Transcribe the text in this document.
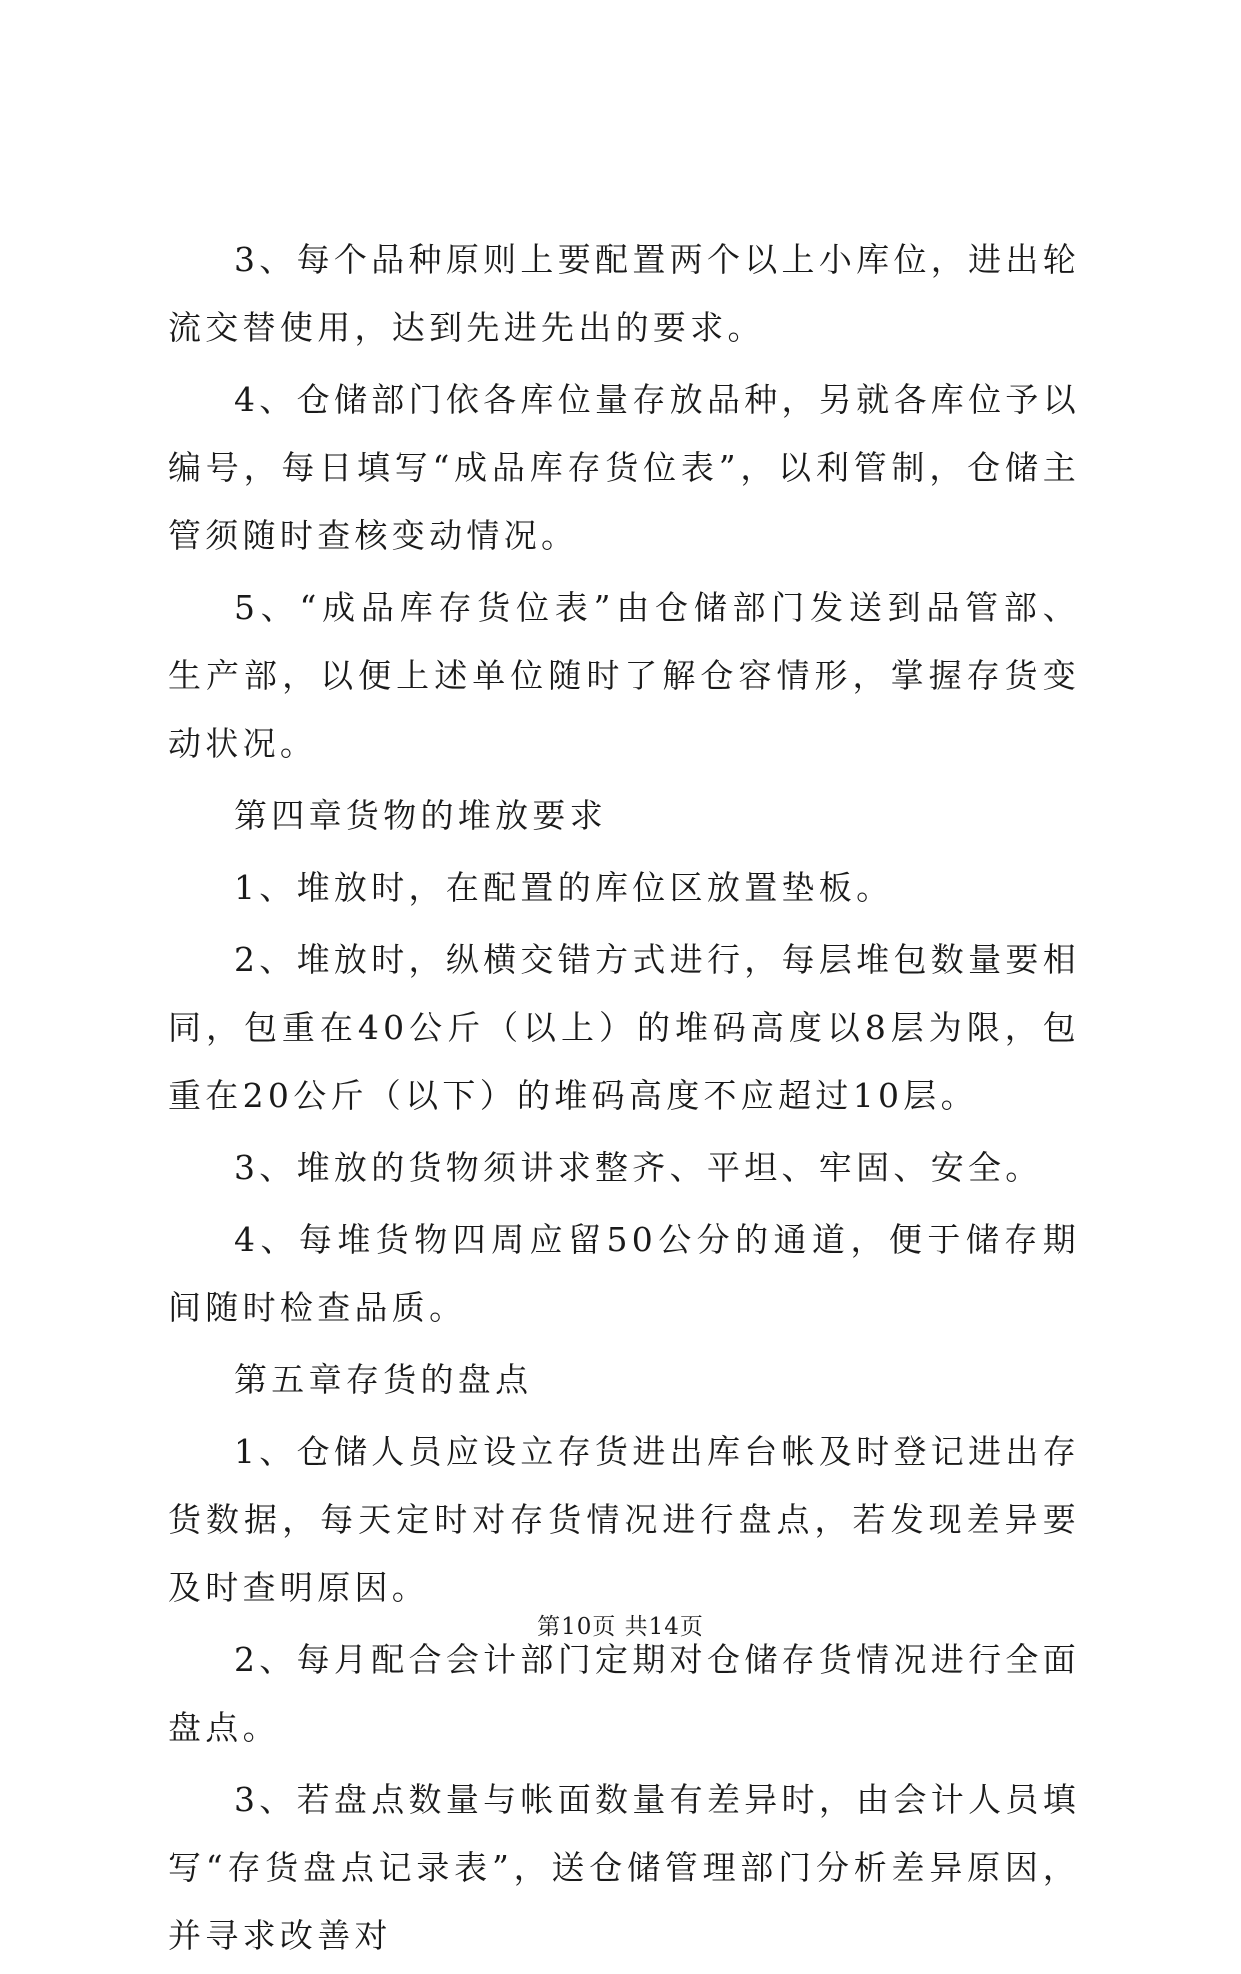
3、每个品种原则上要配置两个以上小库位，进出轮流交替使用，达到先进先出的要求。

4、仓储部门依各库位量存放品种，另就各库位予以编号，每日填写“成品库存货位表”，以利管制，仓储主管须随时查核变动情况。

5、“成品库存货位表”由仓储部门发送到品管部、生产部，以便上述单位随时了解仓容情形，掌握存货变动状况。

第四章货物的堆放要求

1、堆放时，在配置的库位区放置垫板。

2、堆放时，纵横交错方式进行，每层堆包数量要相同，包重在40公斤（以上）的堆码高度以8层为限，包重在20公斤（以下）的堆码高度不应超过10层。

3、堆放的货物须讲求整齐、平坦、牢固、安全。

4、每堆货物四周应留50公分的通道，便于储存期间随时检查品质。

第五章存货的盘点

1、仓储人员应设立存货进出库台帐及时登记进出存货数据，每天定时对存货情况进行盘点，若发现差异要及时查明原因。

2、每月配合会计部门定期对仓储存货情况进行全面盘点。

3、若盘点数量与帐面数量有差异时，由会计人员填写“存货盘点记录表”，送仓储管理部门分析差异原因，并寻求改善对

第10页 共14页
